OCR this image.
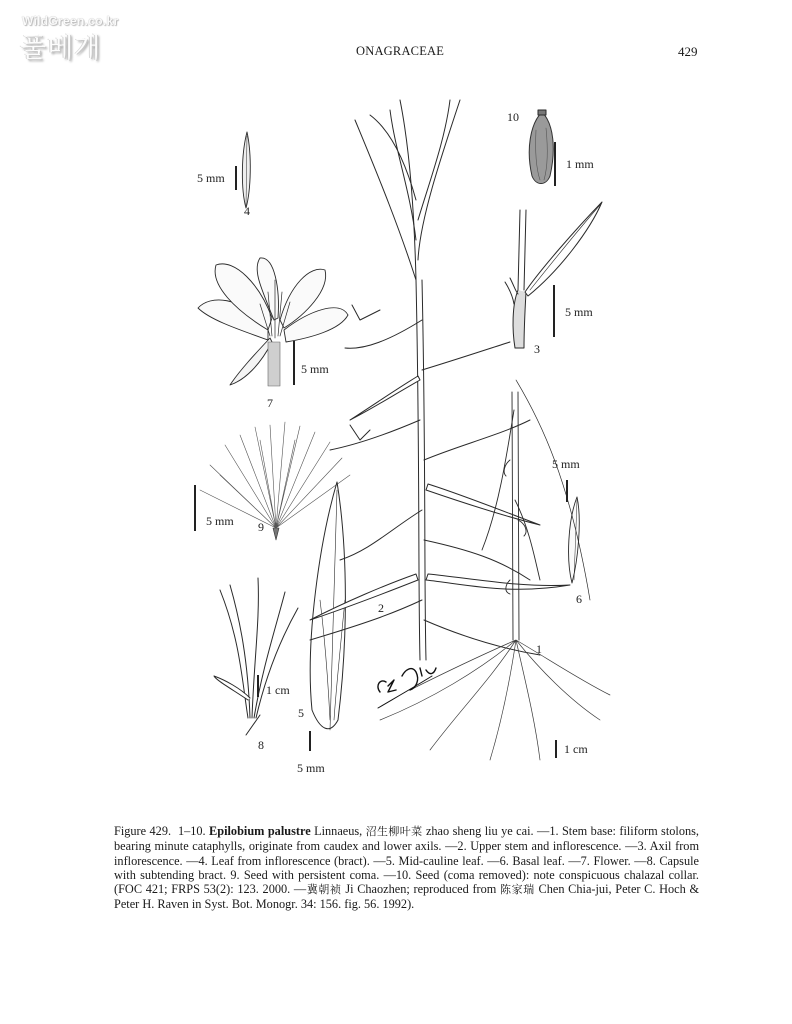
WildGreen.co.kr
풀베개	ONAGRACEAE	429
5 mm
4
10
1 mm
5 mm
3
5 mm
7
5 mm 9
1 cm
8
5
5 mm
5 mm
6
2
1
1 cm
Figure 429. 1–10. Epilobium palustre Linnaeus, 沼生柳叶菜 zhao sheng liu ye cai. —1. Stem base: filiform stolons, bearing minute cataphylls, originate from caudex and lower axils. —2. Upper stem and inflorescence. —3. Axil from inflorescence. —4. Leaf from inflorescence (bract). —5. Mid-cauline leaf. —6. Basal leaf. —7. Flower. —8. Capsule with subtending bract. 9. Seed with persistent coma. —10. Seed (coma removed): note conspicuous chalazal collar. (FOC 421; FRPS 53(2): 123. 2000. —冀朝祯 Ji Chaozhen; reproduced from 陈家瑞 Chen Chia-jui, Peter C. Hoch & Peter H. Raven in Syst. Bot. Monogr. 34: 156. fig. 56. 1992).
